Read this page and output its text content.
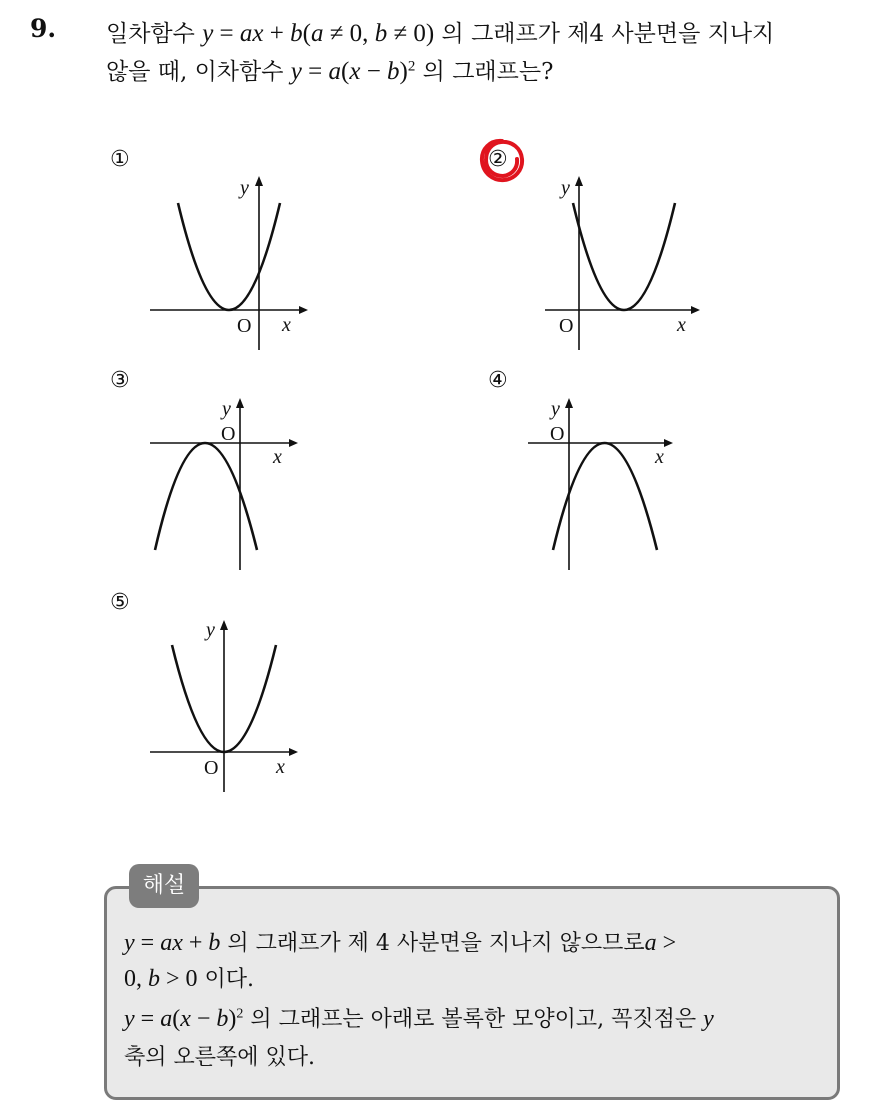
9. 일차함수 y = ax + b(a ≠ 0, b ≠ 0) 의 그래프가 제4 사분면을 지나지
않을 때, 이차함수 $y = a(x - b)^2$ 의 그래프는?
①	②
③	④
⑤
O x
y
O	x
y
O
x
y
O
x
y
O	x
y
해설
y = ax + b 의 그래프가 제 4 사분면을 지나지 않으므로a >
0, b > 0 이다.
$y = a(x - b)^2$ 의 그래프는 아래로 볼록한 모양이고, 꼭짓점은 y
축의 오른쪽에 있다.
